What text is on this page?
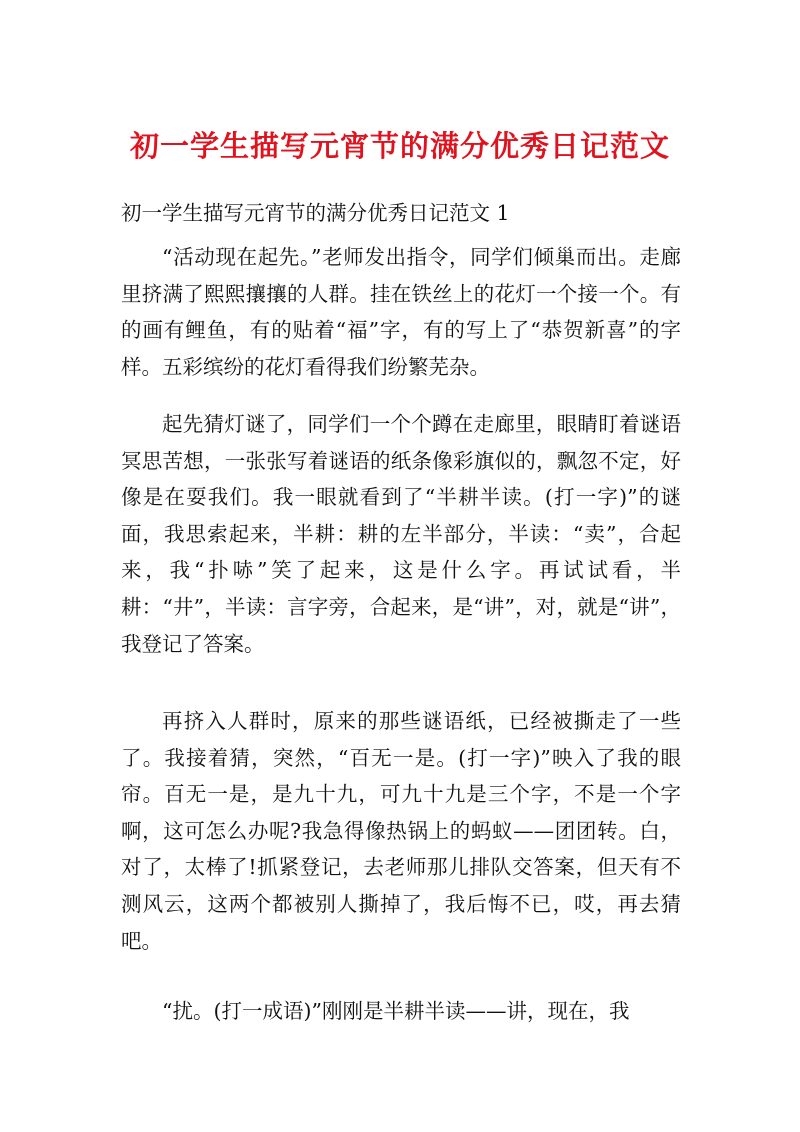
初一学生描写元宵节的满分优秀日记范文
初一学生描写元宵节的满分优秀日记范文 1

“活动现在起先。”老师发出指令，同学们倾巢而出。走廊里挤满了熙熙攘攘的人群。挂在铁丝上的花灯一个接一个。有的画有鲤鱼，有的贴着“福”字，有的写上了“恭贺新喜”的字样。五彩缤纷的花灯看得我们纷繁芜杂。

起先猜灯谜了，同学们一个个蹲在走廊里，眼睛盯着谜语冥思苦想，一张张写着谜语的纸条像彩旗似的，飘忽不定，好像是在耍我们。我一眼就看到了“半耕半读。(打一字)”的谜面，我思索起来，半耕：耕的左半部分，半读：“卖”，合起来，我“扑哧”笑了起来，这是什么字。再试试看，半耕：“井”，半读：言字旁，合起来，是“讲”，对，就是“讲”，我登记了答案。

再挤入人群时，原来的那些谜语纸，已经被撕走了一些了。我接着猜，突然，“百无一是。(打一字)”映入了我的眼帘。百无一是，是九十九，可九十九是三个字，不是一个字啊，这可怎么办呢?我急得像热锅上的蚂蚁——团团转。白，对了，太棒了!抓紧登记，去老师那儿排队交答案，但天有不测风云，这两个都被别人撕掉了，我后悔不已，哎，再去猜吧。

“扰。(打一成语)”刚刚是半耕半读——讲，现在，我
